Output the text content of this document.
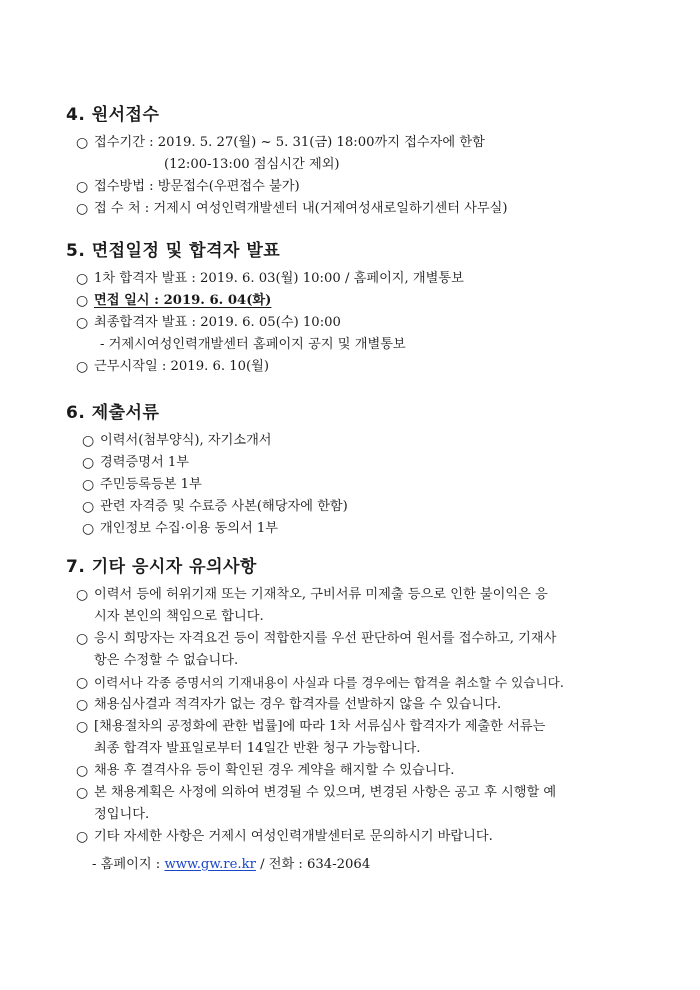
4. 원서접수
○ 접수기간 : 2019. 5. 27(월) ~ 5. 31(금) 18:00까지 접수자에 한함
(12:00-13:00 점심시간 제외)
○ 접수방법 : 방문접수(우편접수 불가)
○ 접 수 처 : 거제시 여성인력개발센터 내(거제여성새로일하기센터 사무실)
5. 면접일정 및 합격자 발표
○ 1차 합격자 발표 : 2019. 6. 03(월) 10:00 / 홈페이지, 개별통보
○ 면접 일시 : 2019. 6. 04(화)
○ 최종합격자 발표 : 2019. 6. 05(수) 10:00
- 거제시여성인력개발센터 홈페이지 공지 및 개별통보
○ 근무시작일 : 2019. 6. 10(월)
6. 제출서류
○ 이력서(첨부양식), 자기소개서
○ 경력증명서 1부
○ 주민등록등본 1부
○ 관련 자격증 및 수료증 사본(해당자에 한함)
○ 개인정보 수집·이용 동의서 1부
7. 기타 응시자 유의사항
○ 이력서 등에 허위기재 또는 기재착오, 구비서류 미제출 등으로 인한 불이익은 응
시자 본인의 책임으로 합니다.
○ 응시 희망자는 자격요건 등이 적합한지를 우선 판단하여 원서를 접수하고, 기재사
항은 수정할 수 없습니다.
○ 이력서나 각종 증명서의 기재내용이 사실과 다를 경우에는 합격을 취소할 수 있습니다.
○ 채용심사결과 적격자가 없는 경우 합격자를 선발하지 않을 수 있습니다.
○ [채용절차의 공정화에 관한 법률]에 따라 1차 서류심사 합격자가 제출한 서류는
최종 합격자 발표일로부터 14일간 반환 청구 가능합니다.
○ 채용 후 결격사유 등이 확인된 경우 계약을 해지할 수 있습니다.
○ 본 채용계획은 사정에 의하여 변경될 수 있으며, 변경된 사항은 공고 후 시행할 예
정입니다.
○ 기타 자세한 사항은 거제시 여성인력개발센터로 문의하시기 바랍니다.
- 홈페이지 : www.gw.re.kr / 전화 : 634-2064
